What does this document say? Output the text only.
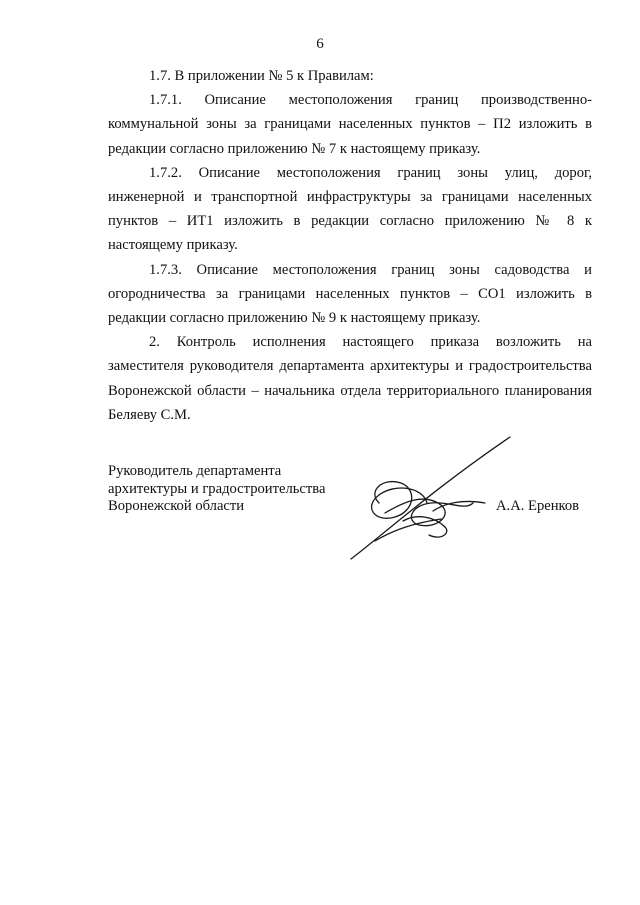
6

1.7. В приложении № 5 к Правилам:

1.7.1. Описание местоположения границ производственно-коммунальной зоны за границами населенных пунктов – П2 изложить в редакции согласно приложению № 7 к настоящему приказу.

1.7.2. Описание местоположения границ зоны улиц, дорог, инженерной и транспортной инфраструктуры за границами населенных пунктов – ИТ1 изложить в редакции согласно приложению № 8 к настоящему приказу.

1.7.3. Описание местоположения границ зоны садоводства и огородничества за границами населенных пунктов – СО1 изложить в редакции согласно приложению № 9 к настоящему приказу.

2. Контроль исполнения настоящего приказа возложить на заместителя руководителя департамента архитектуры и градостроительства Воронежской области – начальника отдела территориального планирования Беляеву С.М.

Руководитель департамента
архитектуры и градостроительства
Воронежской области	А.А. Еренков
